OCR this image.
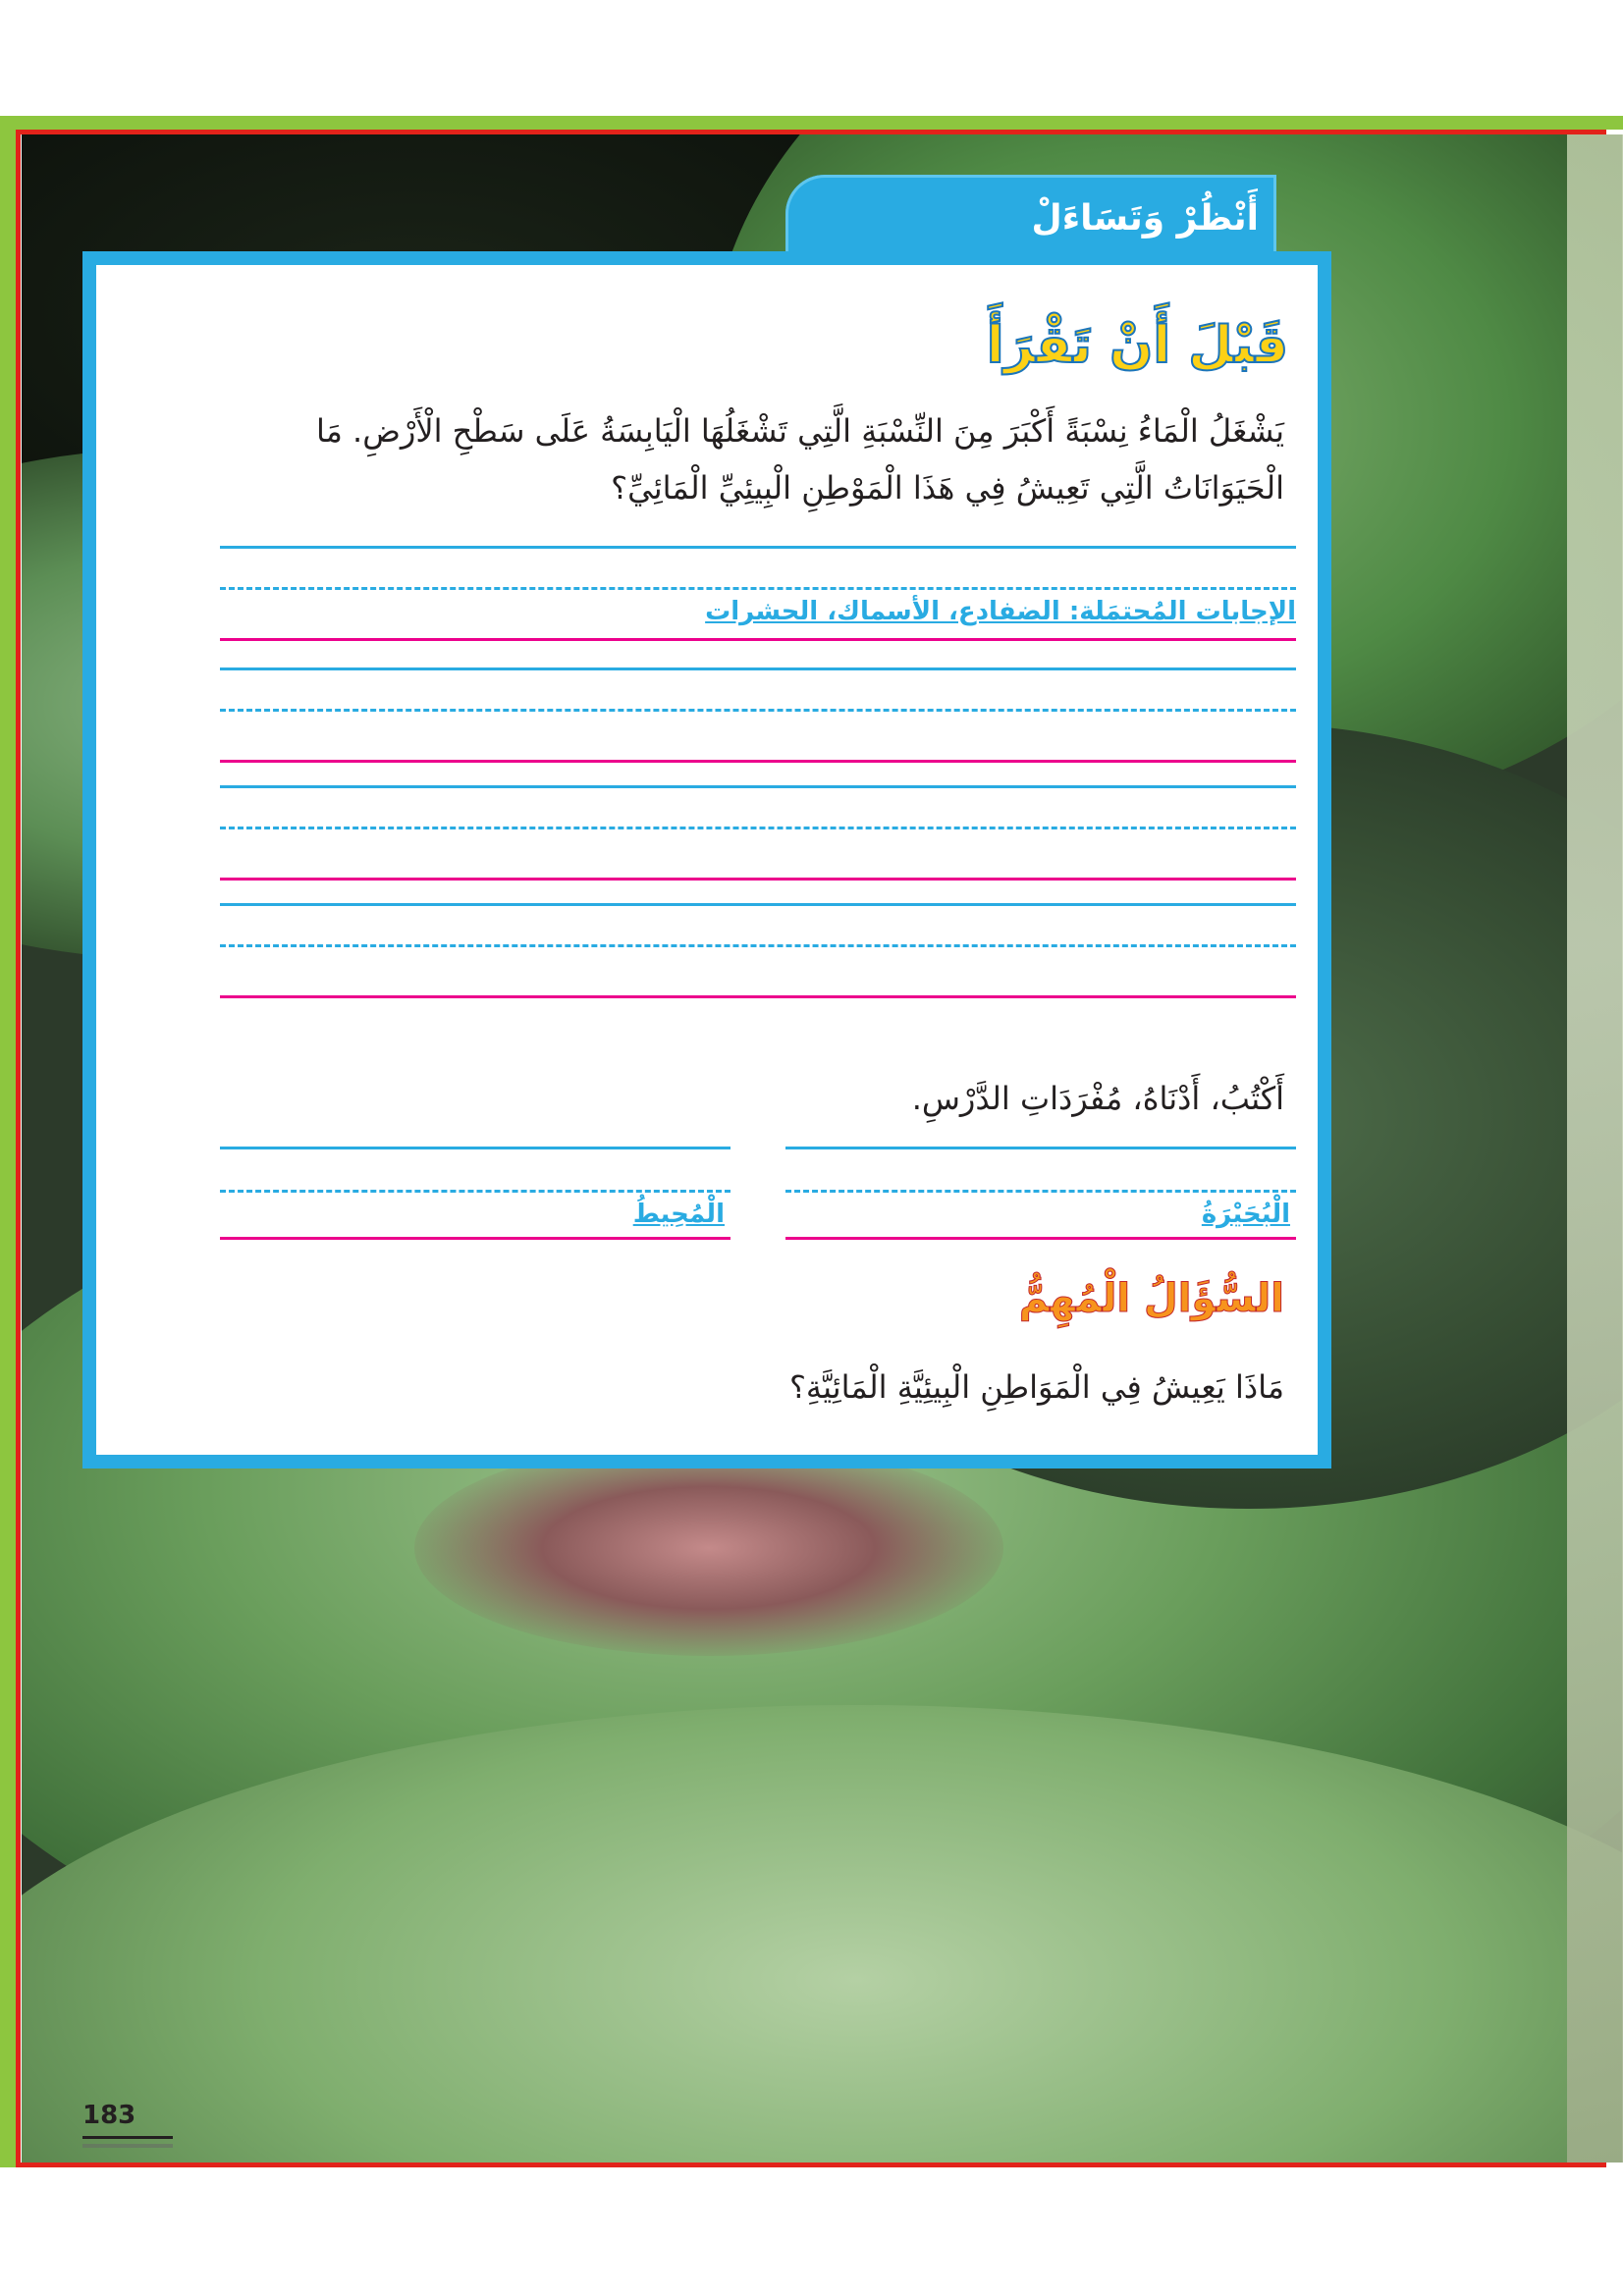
أَنْظُرْ وَتَسَاءَلْ
قَبْلَ أَنْ تَقْرَأَ
يَشْغَلُ الْمَاءُ نِسْبَةً أَكْبَرَ مِنَ النِّسْبَةِ الَّتِي تَشْغَلُهَا الْيَابِسَةُ عَلَى سَطْحِ الْأَرْضِ. مَا الْحَيَوَانَاتُ الَّتِي تَعِيشُ فِي هَذَا الْمَوْطِنِ الْبِيئِيِّ الْمَائِيِّ؟
الإجابات المُحتمَلة: الضفادع، الأسماك، الحشرات
أَكْتُبُ، أَدْنَاهُ، مُفْرَدَاتِ الدَّرْسِ.
الْبُحَيْرَةُ
الْمُحِيطُ
السُّؤَالُ الْمُهِمُّ
مَاذَا يَعِيشُ فِي الْمَوَاطِنِ الْبِيئِيَّةِ الْمَائِيَّةِ؟
183
